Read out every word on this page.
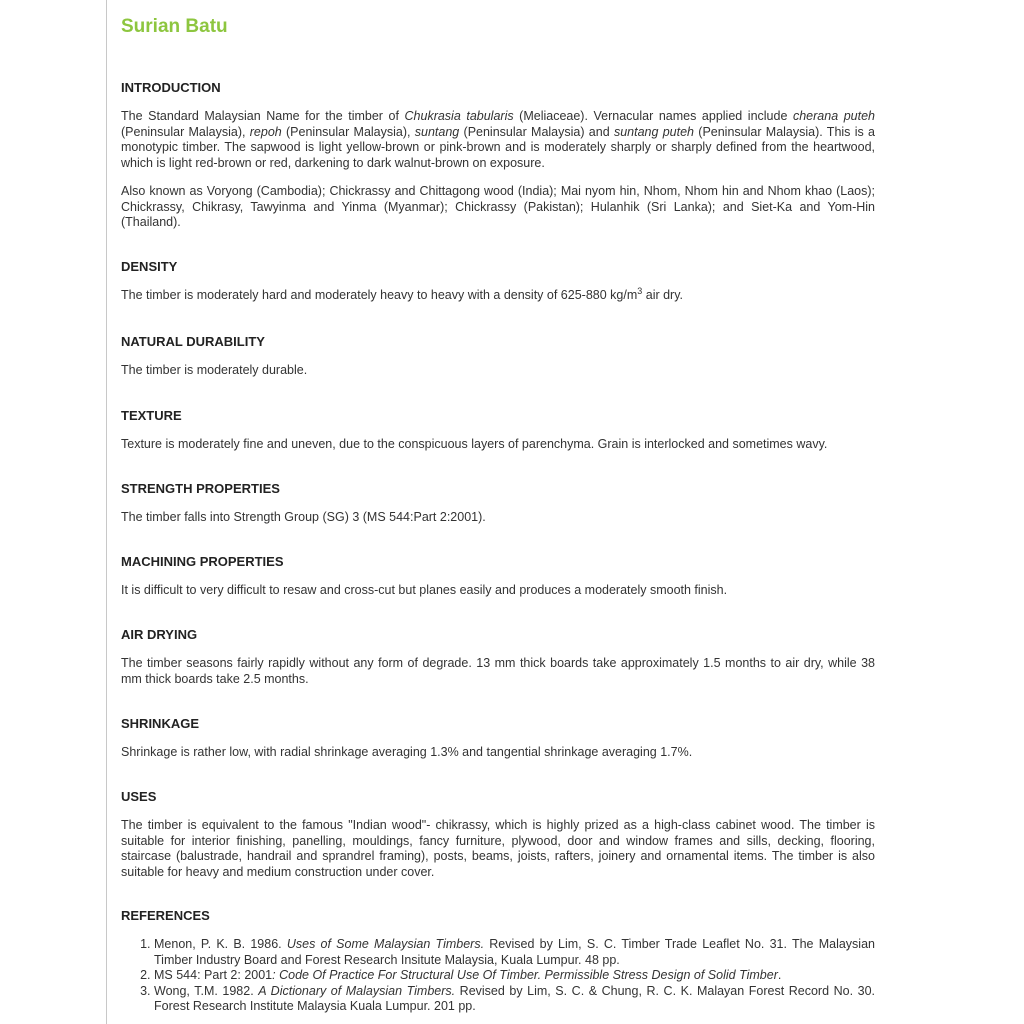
Surian Batu
INTRODUCTION

The Standard Malaysian Name for the timber of Chukrasia tabularis (Meliaceae). Vernacular names applied include cherana puteh (Peninsular Malaysia), repoh (Peninsular Malaysia), suntang (Peninsular Malaysia) and suntang puteh (Peninsular Malaysia). This is a monotypic timber. The sapwood is light yellow-brown or pink-brown and is moderately sharply or sharply defined from the heartwood, which is light red-brown or red, darkening to dark walnut-brown on exposure.

Also known as Voryong (Cambodia); Chickrassy and Chittagong wood (India); Mai nyom hin, Nhom, Nhom hin and Nhom khao (Laos); Chickrassy, Chikrasy, Tawyinma and Yinma (Myanmar); Chickrassy (Pakistan); Hulanhik (Sri Lanka); and Siet-Ka and Yom-Hin (Thailand).

DENSITY

The timber is moderately hard and moderately heavy to heavy with a density of 625-880 $kg/m^3$ air dry.

NATURAL DURABILITY

The timber is moderately durable.

TEXTURE

Texture is moderately fine and uneven, due to the conspicuous layers of parenchyma. Grain is interlocked and sometimes wavy.

STRENGTH PROPERTIES

The timber falls into Strength Group (SG) 3 (MS 544:Part 2:2001).

MACHINING PROPERTIES

It is difficult to very difficult to resaw and cross-cut but planes easily and produces a moderately smooth finish.

AIR DRYING

The timber seasons fairly rapidly without any form of degrade. 13 mm thick boards take approximately 1.5 months to air dry, while 38 mm thick boards take 2.5 months.

SHRINKAGE

Shrinkage is rather low, with radial shrinkage averaging 1.3% and tangential shrinkage averaging 1.7%.

USES

The timber is equivalent to the famous "Indian wood"- chikrassy, which is highly prized as a high-class cabinet wood. The timber is suitable for interior finishing, panelling, mouldings, fancy furniture, plywood, door and window frames and sills, decking, flooring, staircase (balustrade, handrail and sprandrel framing), posts, beams, joists, rafters, joinery and ornamental items. The timber is also suitable for heavy and medium construction under cover.

REFERENCES
1. Menon, P. K. B. 1986. Uses of Some Malaysian Timbers. Revised by Lim, S. C. Timber Trade Leaflet No. 31. The Malaysian Timber Industry Board and Forest Research Insitute Malaysia, Kuala Lumpur. 48 pp.
2. MS 544: Part 2: 2001: Code Of Practice For Structural Use Of Timber. Permissible Stress Design of Solid Timber.
3. Wong, T.M. 1982. A Dictionary of Malaysian Timbers. Revised by Lim, S. C. & Chung, R. C. K. Malayan Forest Record No. 30. Forest Research Institute Malaysia Kuala Lumpur. 201 pp.
